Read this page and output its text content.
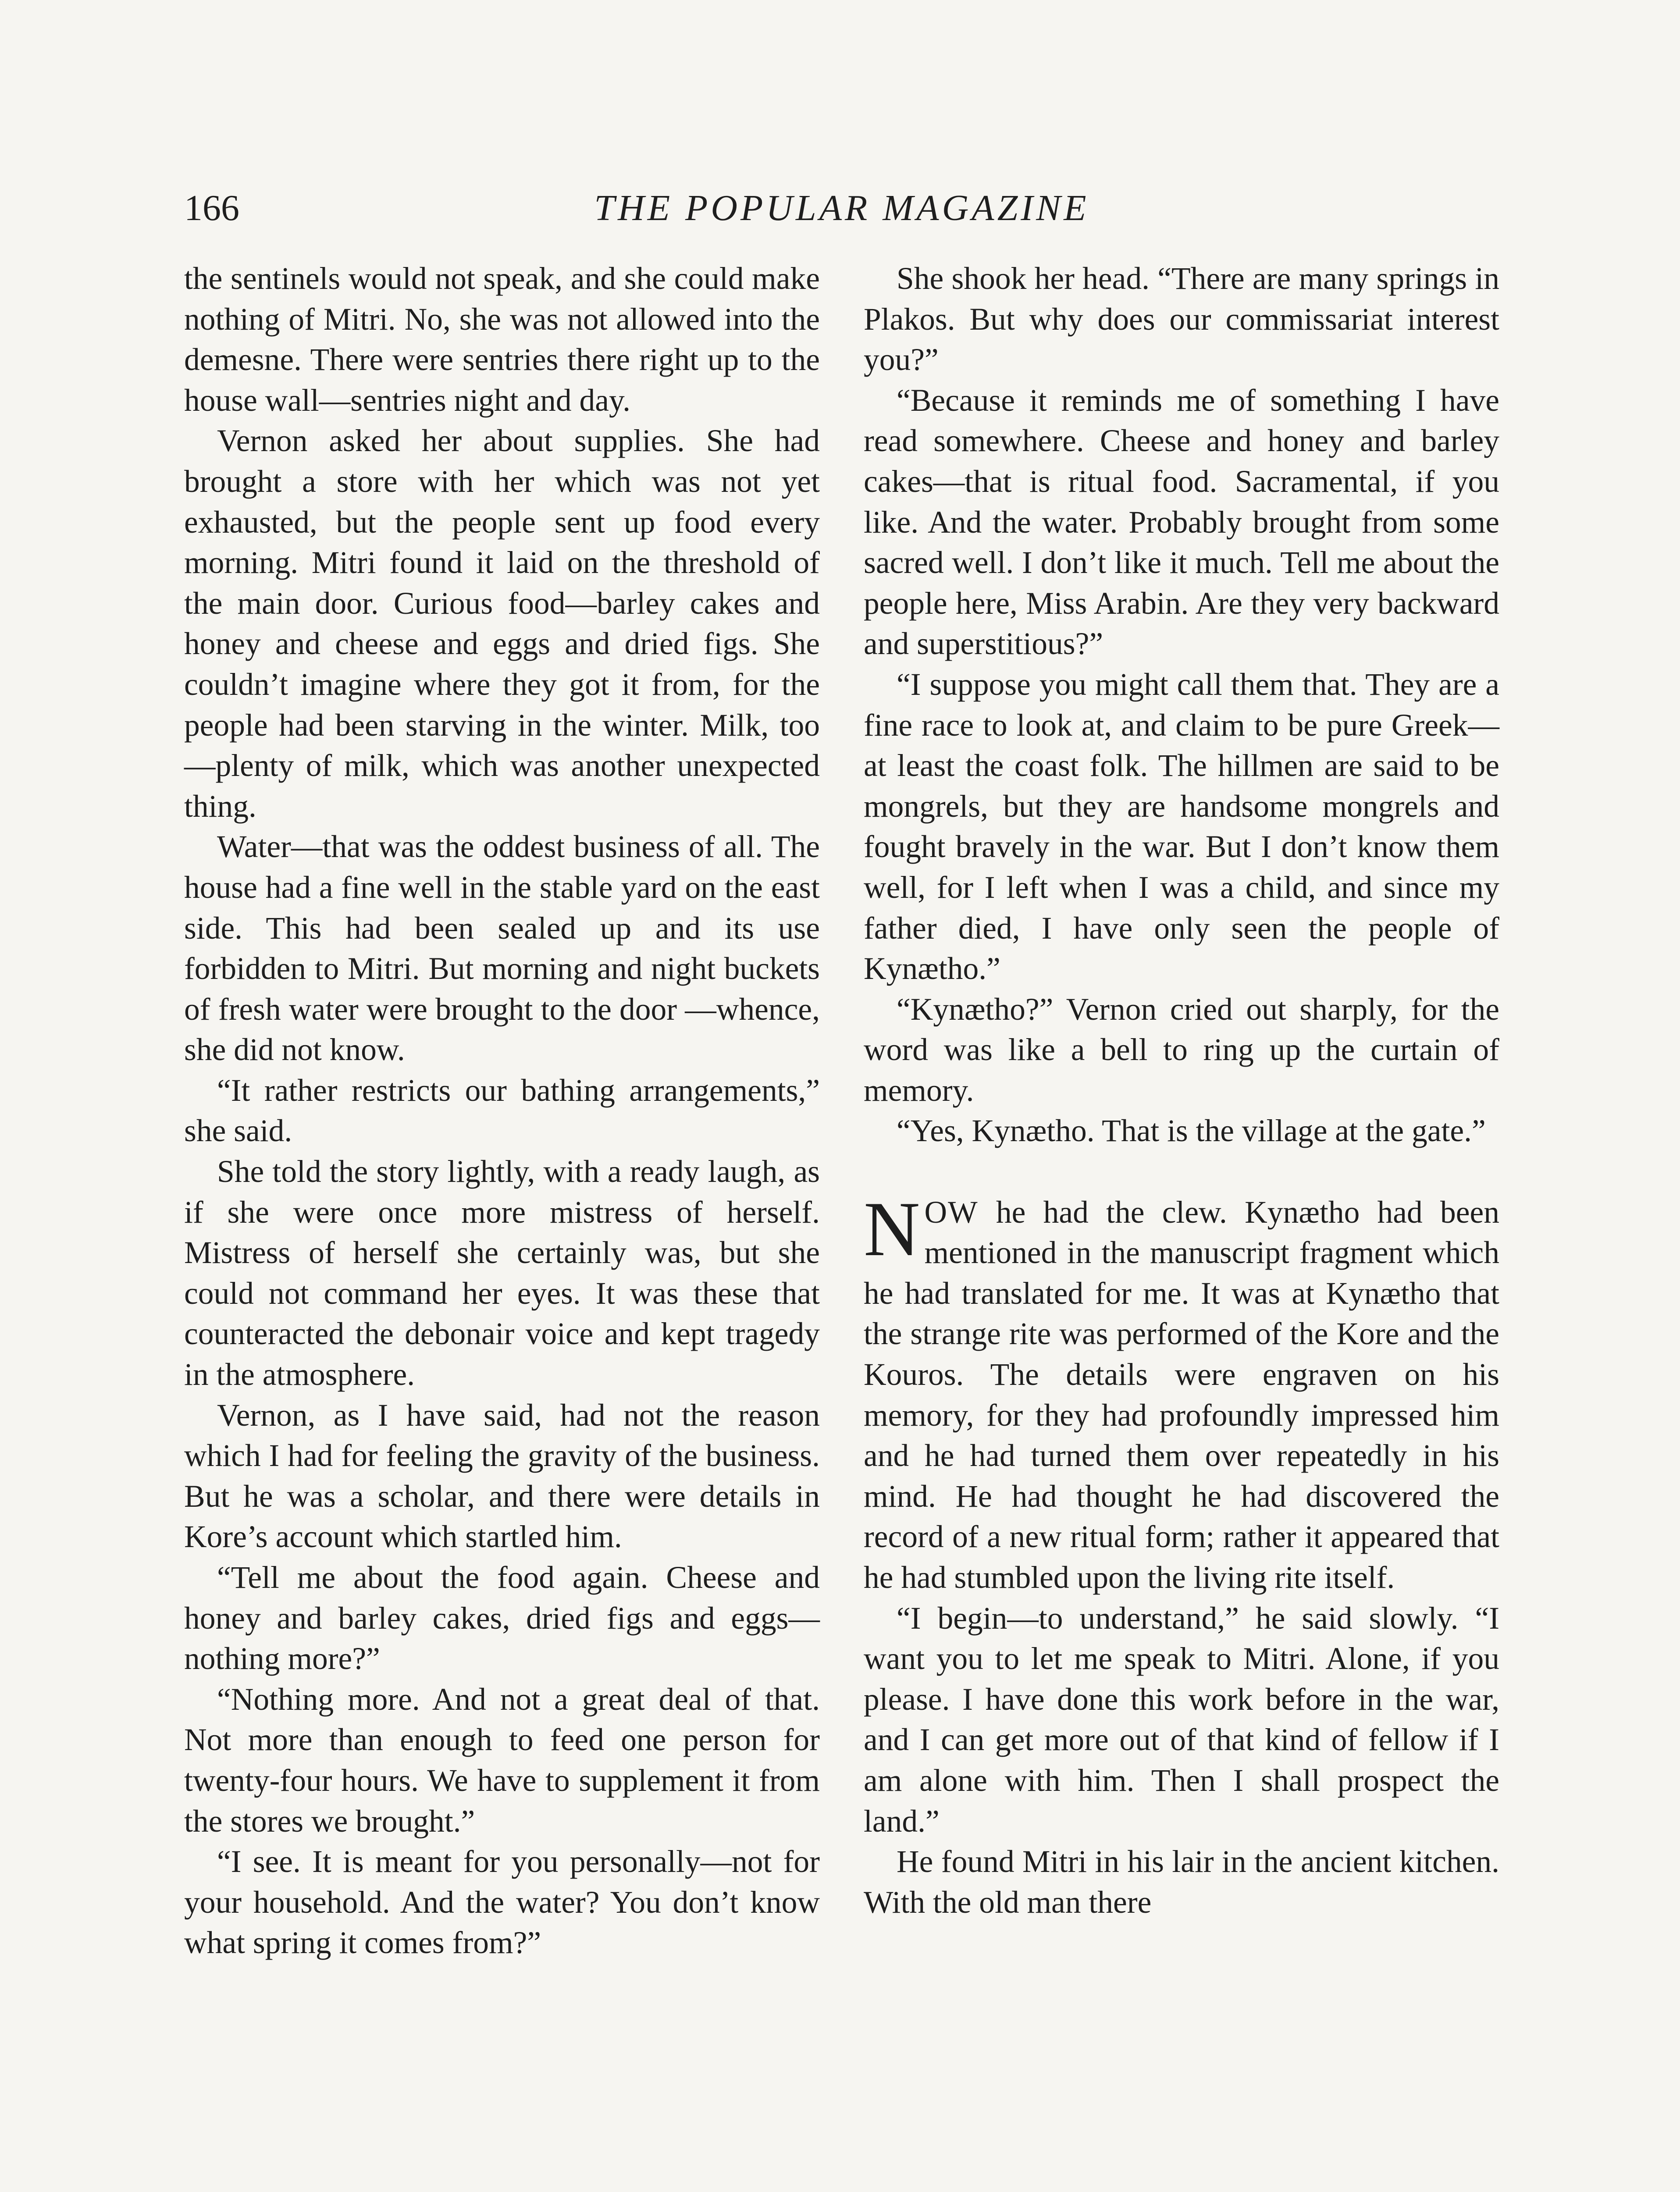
166	THE POPULAR MAGAZINE

the sentinels would not speak, and she could make nothing of Mitri. No, she was not allowed into the demesne. There were sentries there right up to the house wall—sentries night and day.

Vernon asked her about supplies. She had brought a store with her which was not yet exhausted, but the people sent up food every morning. Mitri found it laid on the threshold of the main door. Curious food—barley cakes and honey and cheese and eggs and dried figs. She couldn’t imagine where they got it from, for the people had been starving in the winter. Milk, too —plenty of milk, which was another unexpected thing.

Water—that was the oddest business of all. The house had a fine well in the stable yard on the east side. This had been sealed up and its use forbidden to Mitri. But morning and night buckets of fresh water were brought to the door —whence, she did not know.

“It rather restricts our bathing arrangements,” she said.

She told the story lightly, with a ready laugh, as if she were once more mistress of herself. Mistress of herself she certainly was, but she could not command her eyes. It was these that counteracted the debonair voice and kept tragedy in the atmosphere.

Vernon, as I have said, had not the reason which I had for feeling the gravity of the business. But he was a scholar, and there were details in Kore’s account which startled him.

“Tell me about the food again. Cheese and honey and barley cakes, dried figs and eggs—nothing more?”

“Nothing more. And not a great deal of that. Not more than enough to feed one person for twenty-four hours. We have to supplement it from the stores we brought.”

“I see. It is meant for you personally—not for your household. And the water? You don’t know what spring it comes from?”

She shook her head. “There are many springs in Plakos. But why does our commissariat interest you?”

“Because it reminds me of something I have read somewhere. Cheese and honey and barley cakes—that is ritual food. Sacramental, if you like. And the water. Probably brought from some sacred well. I don’t like it much. Tell me about the people here, Miss Arabin. Are they very backward and superstitious?”

“I suppose you might call them that. They are a fine race to look at, and claim to be pure Greek—at least the coast folk. The hillmen are said to be mongrels, but they are handsome mongrels and fought bravely in the war. But I don’t know them well, for I left when I was a child, and since my father died, I have only seen the people of Kynætho.”

“Kynætho?” Vernon cried out sharply, for the word was like a bell to ring up the curtain of memory.

“Yes, Kynætho. That is the village at the gate.”

NOW he had the clew. Kynætho had been mentioned in the manuscript fragment which he had translated for me. It was at Kynætho that the strange rite was performed of the Kore and the Kouros. The details were engraven on his memory, for they had profoundly impressed him and he had turned them over repeatedly in his mind. He had thought he had discovered the record of a new ritual form; rather it appeared that he had stumbled upon the living rite itself.

“I begin—to understand,” he said slowly. “I want you to let me speak to Mitri. Alone, if you please. I have done this work before in the war, and I can get more out of that kind of fellow if I am alone with him. Then I shall prospect the land.”

He found Mitri in his lair in the ancient kitchen. With the old man there
